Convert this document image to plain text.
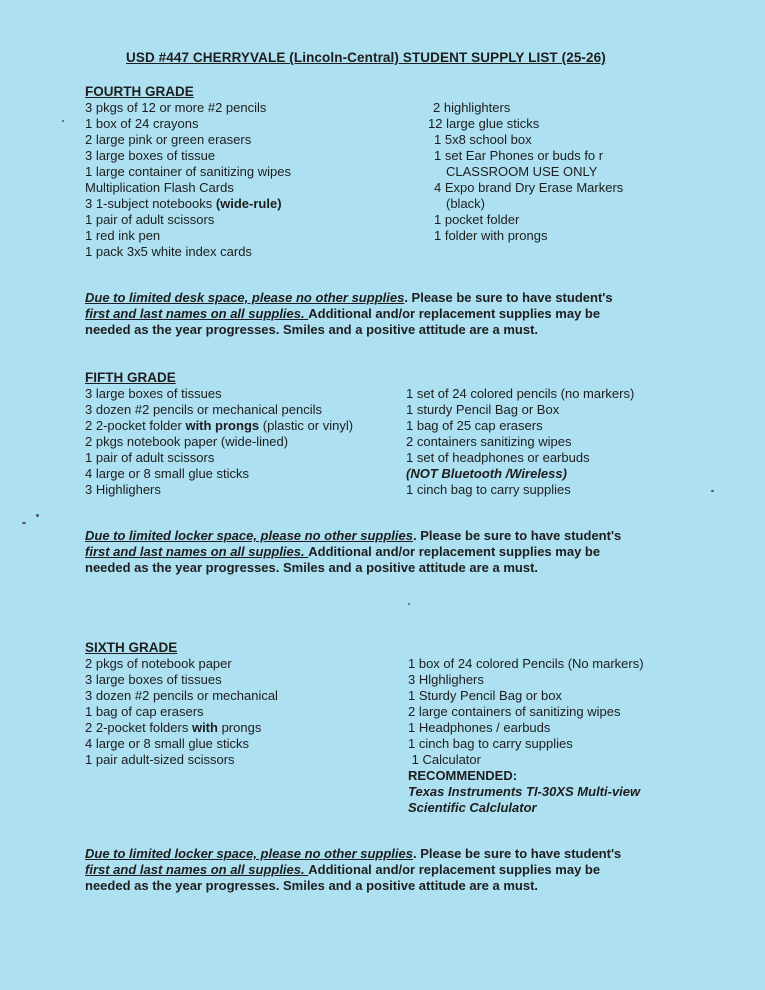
USD #447 CHERRYVALE (Lincoln-Central) STUDENT SUPPLY LIST (25-26)
FOURTH GRADE
3 pkgs of 12 or more #2 pencils
1 box of 24 crayons
2 large pink or green erasers
3 large boxes of tissue
1 large container of sanitizing wipes
Multiplication Flash Cards
3 1-subject notebooks (wide-rule)
1 pair of adult scissors
1 red ink pen
1 pack 3x5 white index cards
2 highlighters
12 large glue sticks
1 5x8 school box
1 set Ear Phones or buds fo r
CLASSROOM USE ONLY
4 Expo brand Dry Erase Markers
(black)
1 pocket folder
1 folder with prongs
Due to limited desk space, please no other supplies. Please be sure to have student's
first and last names on all supplies. Additional and/or replacement supplies may be
needed as the year progresses. Smiles and a positive attitude are a must.
FIFTH GRADE
3 large boxes of tissues
3 dozen #2 pencils or mechanical pencils
2 2-pocket folder with prongs (plastic or vinyl)
2 pkgs notebook paper (wide-lined)
1 pair of adult scissors
4 large or 8 small glue sticks
3 Highlighers
1 set of 24 colored pencils (no markers)
1 sturdy Pencil Bag or Box
1 bag of 25 cap erasers
2 containers sanitizing wipes
1 set of headphones or earbuds
(NOT Bluetooth /Wireless)
1 cinch bag to carry supplies
Due to limited locker space, please no other supplies. Please be sure to have student's
first and last names on all supplies. Additional and/or replacement supplies may be
needed as the year progresses. Smiles and a positive attitude are a must.
SIXTH GRADE
2 pkgs of notebook paper
3 large boxes of tissues
3 dozen #2 pencils or mechanical
1 bag of cap erasers
2 2-pocket folders with prongs
4 large or 8 small glue sticks
1 pair adult-sized scissors
1 box of 24 colored Pencils (No markers)
3 Hlghlighers
1 Sturdy Pencil Bag or box
2 large containers of sanitizing wipes
1 Headphones / earbuds
1 cinch bag to carry supplies
1 Calculator
RECOMMENDED:
Texas Instruments TI-30XS Multi-view
Scientific Calclulator
Due to limited locker space, please no other supplies. Please be sure to have student's
first and last names on all supplies. Additional and/or replacement supplies may be
needed as the year progresses. Smiles and a positive attitude are a must.
